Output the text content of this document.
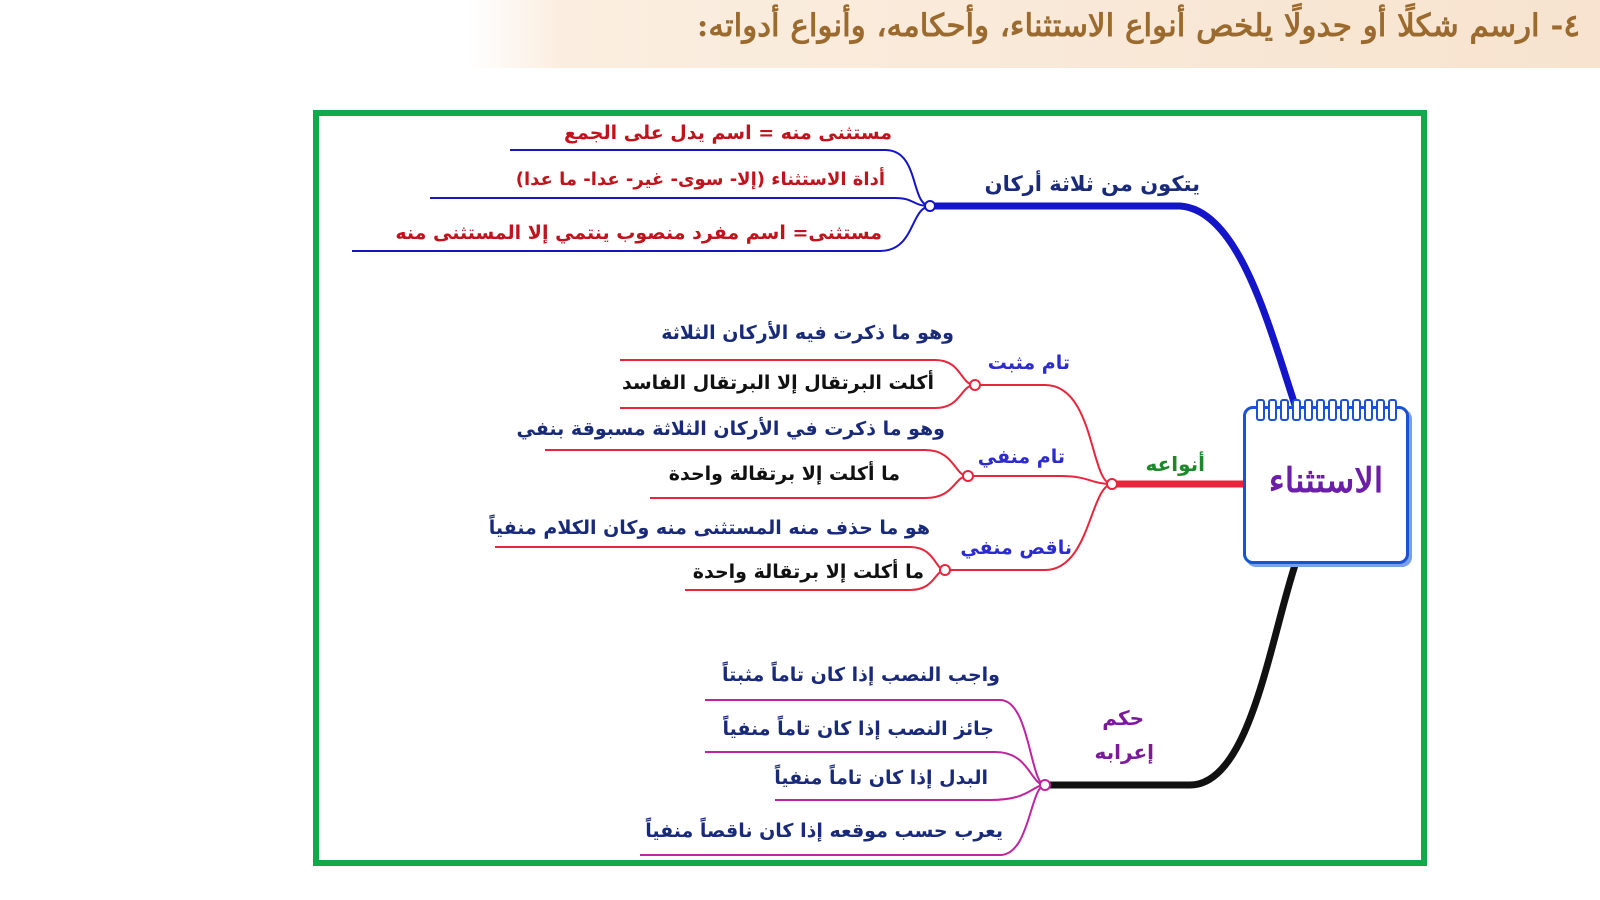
٤- ارسم شكلًا أو جدولًا يلخص أنواع الاستثناء، وأحكامه، وأنواع أدواته:
الاستثناء
يتكون من ثلاثة أركان
مستثنى منه = اسم يدل على الجمع
أداة الاستثناء (إلا- سوى- غير- عدا- ما عدا)
مستثنى= اسم مفرد منصوب ينتمي إلا المستثنى منه
أنواعه
تام مثبت
وهو ما ذكرت فيه الأركان الثلاثة
أكلت البرتقال إلا البرتقال الفاسد
تام منفي
وهو ما ذكرت في الأركان الثلاثة مسبوقة بنفي
ما أكلت إلا برتقالة واحدة
ناقص منفي
هو ما حذف منه المستثنى منه وكان الكلام منفياً
ما أكلت إلا برتقالة واحدة
حكم
إعرابه
واجب النصب إذا كان تاماً مثبتاً
جائز النصب إذا كان تاماً منفياً
البدل إذا كان تاماً منفياً
يعرب حسب موقعه إذا كان ناقصاً منفياً
